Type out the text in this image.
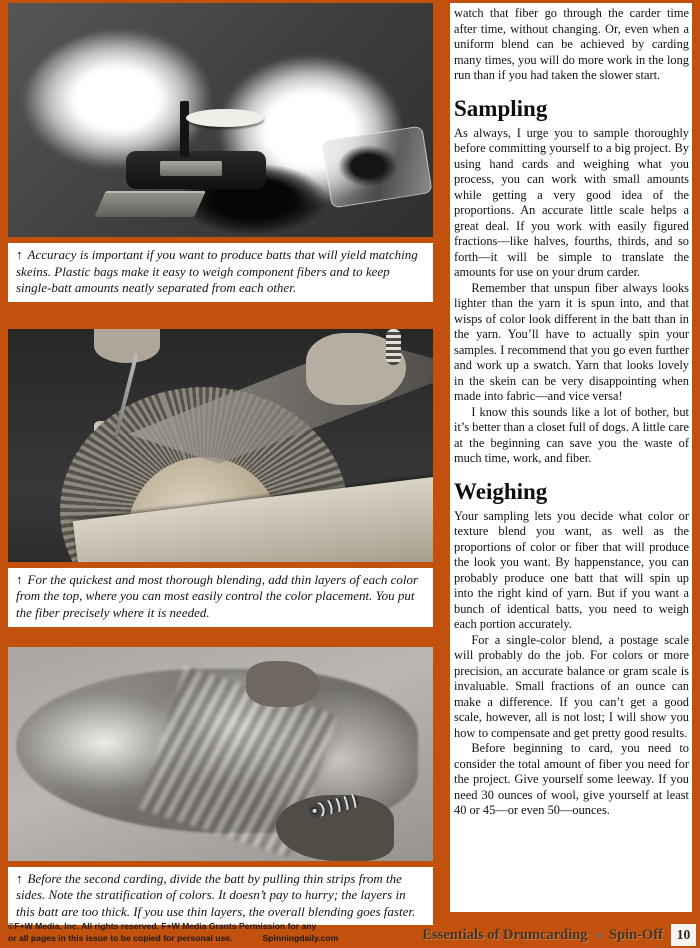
↑ Accuracy is important if you want to produce batts that will yield matching skeins. Plastic bags make it easy to weigh component fibers and to keep single-batt amounts neatly separated from each other.
↑ For the quickest and most thorough blending, add thin layers of each color from the top, where you can most easily control the color placement. You put the fiber precisely where it is needed.
↑ Before the second carding, divide the batt by pulling thin strips from the sides. Note the stratification of colors. It doesn’t pay to hurry; the layers in this batt are too thick. If you use thin layers, the overall blending goes faster.

watch that fiber go through the carder time after time, without changing. Or, even when a uniform blend can be achieved by carding many times, you will do more work in the long run than if you had taken the slower start.

Sampling

As always, I urge you to sample thoroughly before committing yourself to a big project. By using hand cards and weighing what you process, you can work with small amounts while getting a very good idea of the proportions. An accurate little scale helps a great deal. If you work with easily figured fractions—like halves, fourths, thirds, and so forth—it will be simple to translate the amounts for use on your drum carder.

Remember that unspun fiber always looks lighter than the yarn it is spun into, and that wisps of color look different in the batt than in the yarn. You’ll have to actually spin your samples. I recommend that you go even further and work up a swatch. Yarn that looks lovely in the skein can be very disappointing when made into fabric—and vice versa!

I know this sounds like a lot of bother, but it’s better than a closet full of dogs. A little care at the beginning can save you the waste of much time, work, and fiber.

Weighing

Your sampling lets you decide what color or texture blend you want, as well as the proportions of color or fiber that will produce the look you want. By happenstance, you can probably produce one batt that will spin up into the right kind of yarn. But if you want a bunch of identical batts, you need to weigh each portion accurately.

For a single-color blend, a postage scale will probably do the job. For colors or more precision, an accurate balance or gram scale is invaluable. Small fractions of an ounce can make a difference. If you can’t get a good scale, however, all is not lost; I will show you how to compensate and get pretty good results.

Before beginning to card, you need to consider the total amount of fiber you need for the project. Give yourself some leeway. If you need 30 ounces of wool, give yourself at least 40 or 45—or even 50—ounces.

©F+W Media, Inc. All rights reserved. F+W Media Grants Permission for any
or all pages in this issue to be copied for personal use.	Spinningdaily.com	Essentials of Drumcarding ■ Spin-Off	10
